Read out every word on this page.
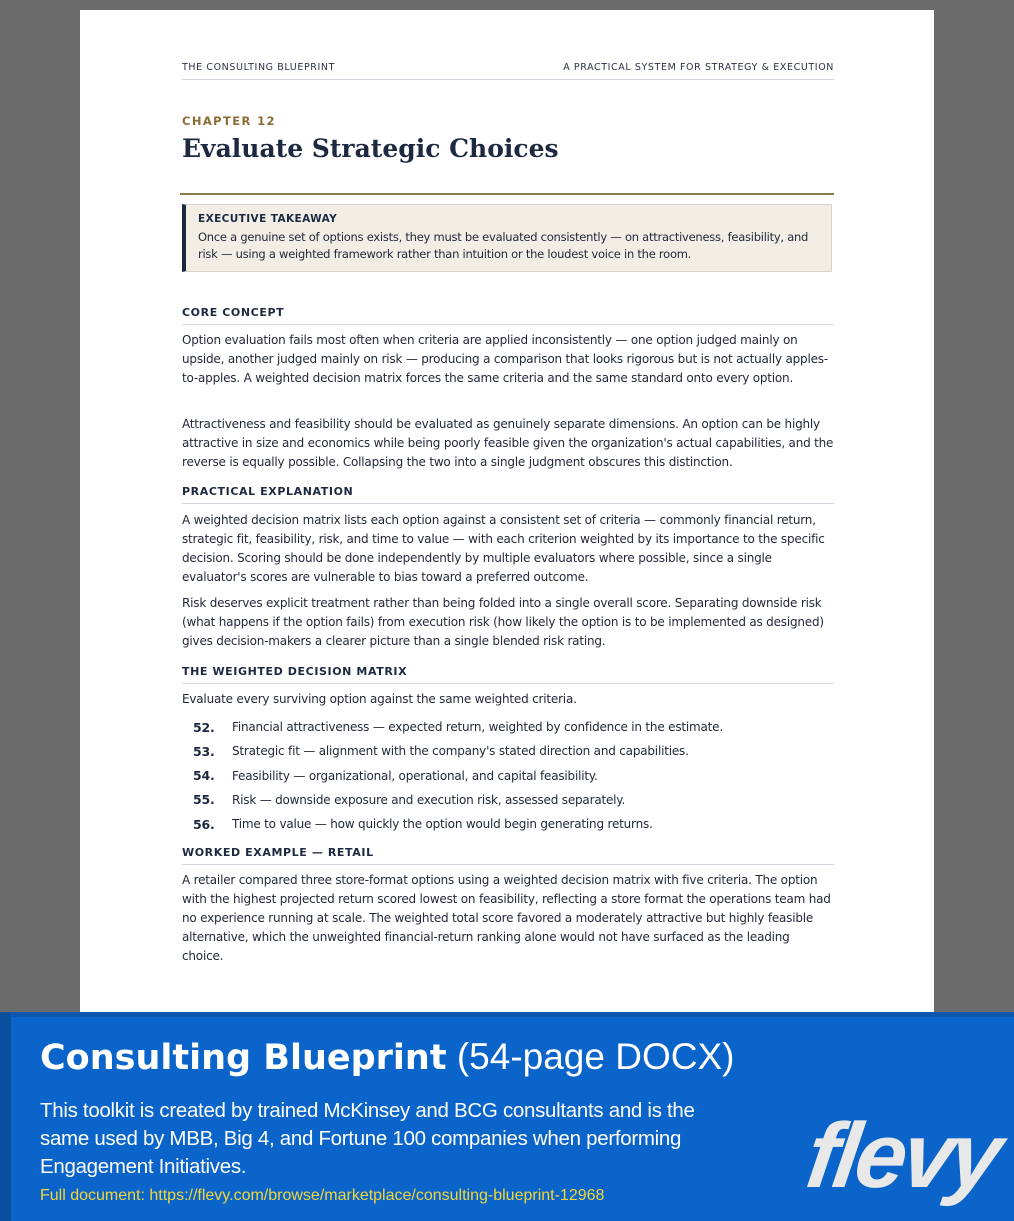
THE CONSULTING BLUEPRINT	A PRACTICAL SYSTEM FOR STRATEGY & EXECUTION
CHAPTER 12
Evaluate Strategic Choices
EXECUTIVE TAKEAWAY
Once a genuine set of options exists, they must be evaluated consistently — on attractiveness, feasibility, and risk — using a weighted framework rather than intuition or the loudest voice in the room.
CORE CONCEPT

Option evaluation fails most often when criteria are applied inconsistently — one option judged mainly on upside, another judged mainly on risk — producing a comparison that looks rigorous but is not actually apples-to-apples. A weighted decision matrix forces the same criteria and the same standard onto every option.

Attractiveness and feasibility should be evaluated as genuinely separate dimensions. An option can be highly attractive in size and economics while being poorly feasible given the organization's actual capabilities, and the reverse is equally possible. Collapsing the two into a single judgment obscures this distinction.

PRACTICAL EXPLANATION

A weighted decision matrix lists each option against a consistent set of criteria — commonly financial return, strategic fit, feasibility, risk, and time to value — with each criterion weighted by its importance to the specific decision. Scoring should be done independently by multiple evaluators where possible, since a single evaluator's scores are vulnerable to bias toward a preferred outcome.

Risk deserves explicit treatment rather than being folded into a single overall score. Separating downside risk (what happens if the option fails) from execution risk (how likely the option is to be implemented as designed) gives decision-makers a clearer picture than a single blended risk rating.

THE WEIGHTED DECISION MATRIX

Evaluate every surviving option against the same weighted criteria.

52.	Financial attractiveness — expected return, weighted by confidence in the estimate.
53.	Strategic fit — alignment with the company's stated direction and capabilities.
54.	Feasibility — organizational, operational, and capital feasibility.
55.	Risk — downside exposure and execution risk, assessed separately.
56.	Time to value — how quickly the option would begin generating returns.
WORKED EXAMPLE — RETAIL

A retailer compared three store-format options using a weighted decision matrix with five criteria. The option with the highest projected return scored lowest on feasibility, reflecting a store format the operations team had no experience running at scale. The weighted total score favored a moderately attractive but highly feasible alternative, which the unweighted financial-return ranking alone would not have surfaced as the leading choice.

Consulting Blueprint (54-page DOCX)
This toolkit is created by trained McKinsey and BCG consultants and is the same used by MBB, Big 4, and Fortune 100 companies when performing Engagement Initiatives.
Full document: https://flevy.com/browse/marketplace/consulting-blueprint-12968 flevy
